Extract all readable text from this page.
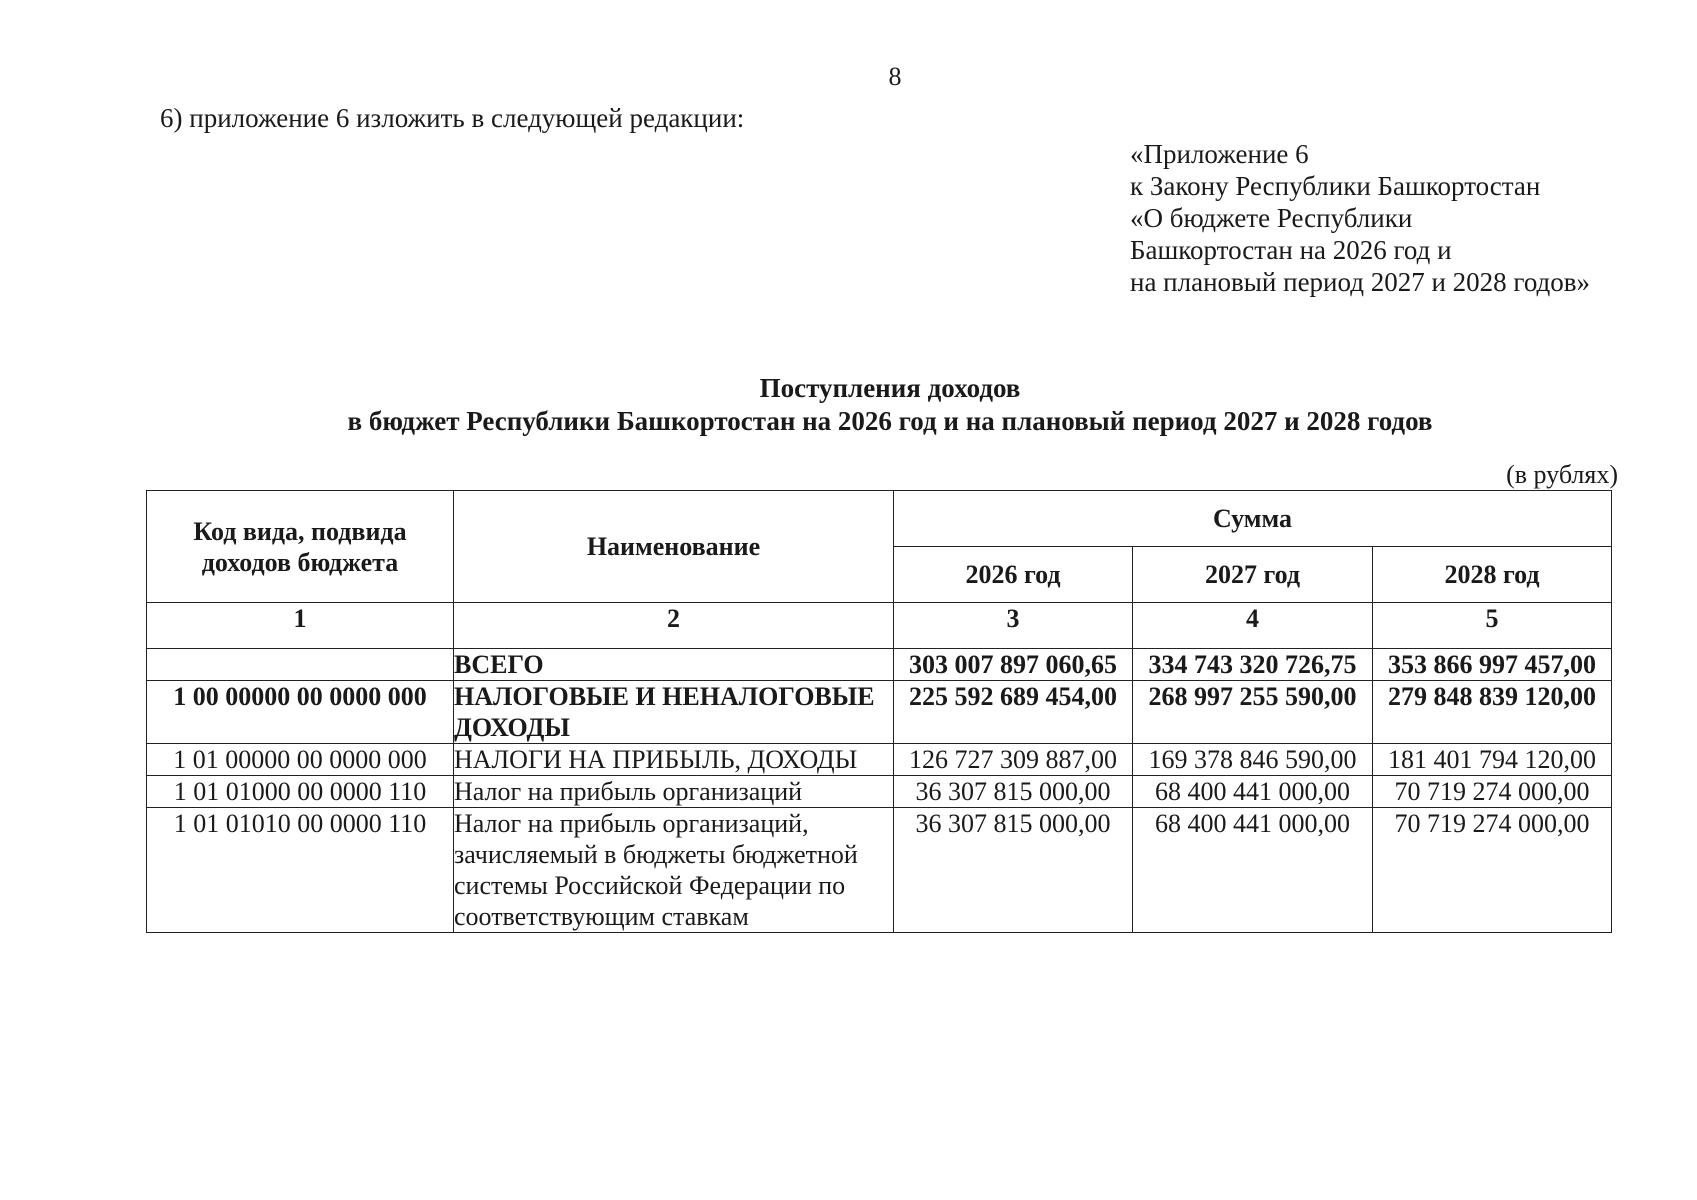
8
6) приложение 6 изложить в следующей редакции:
«Приложение 6
к Закону Республики Башкортостан
«О бюджете Республики
Башкортостан на 2026 год и
на плановый период 2027 и 2028 годов»
Поступления доходов
в бюджет Республики Башкортостан на 2026 год и на плановый период 2027 и 2028 годов
(в рублях)
Код вида, подвида доходов бюджета	Наименование	Сумма		
		2026 год	2027 год	2028 год
1	2	3	4	5
	ВСЕГО	303 007 897 060,65	334 743 320 726,75	353 866 997 457,00
1 00 00000 00 0000 000	НАЛОГОВЫЕ И НЕНАЛОГОВЫЕ ДОХОДЫ	225 592 689 454,00	268 997 255 590,00	279 848 839 120,00
1 01 00000 00 0000 000	НАЛОГИ НА ПРИБЫЛЬ, ДОХОДЫ	126 727 309 887,00	169 378 846 590,00	181 401 794 120,00
1 01 01000 00 0000 110	Налог на прибыль организаций	36 307 815 000,00	68 400 441 000,00	70 719 274 000,00
1 01 01010 00 0000 110	Налог на прибыль организаций, зачисляемый в бюджеты бюджетной системы Российской Федерации по соответствующим ставкам	36 307 815 000,00	68 400 441 000,00	70 719 274 000,00
